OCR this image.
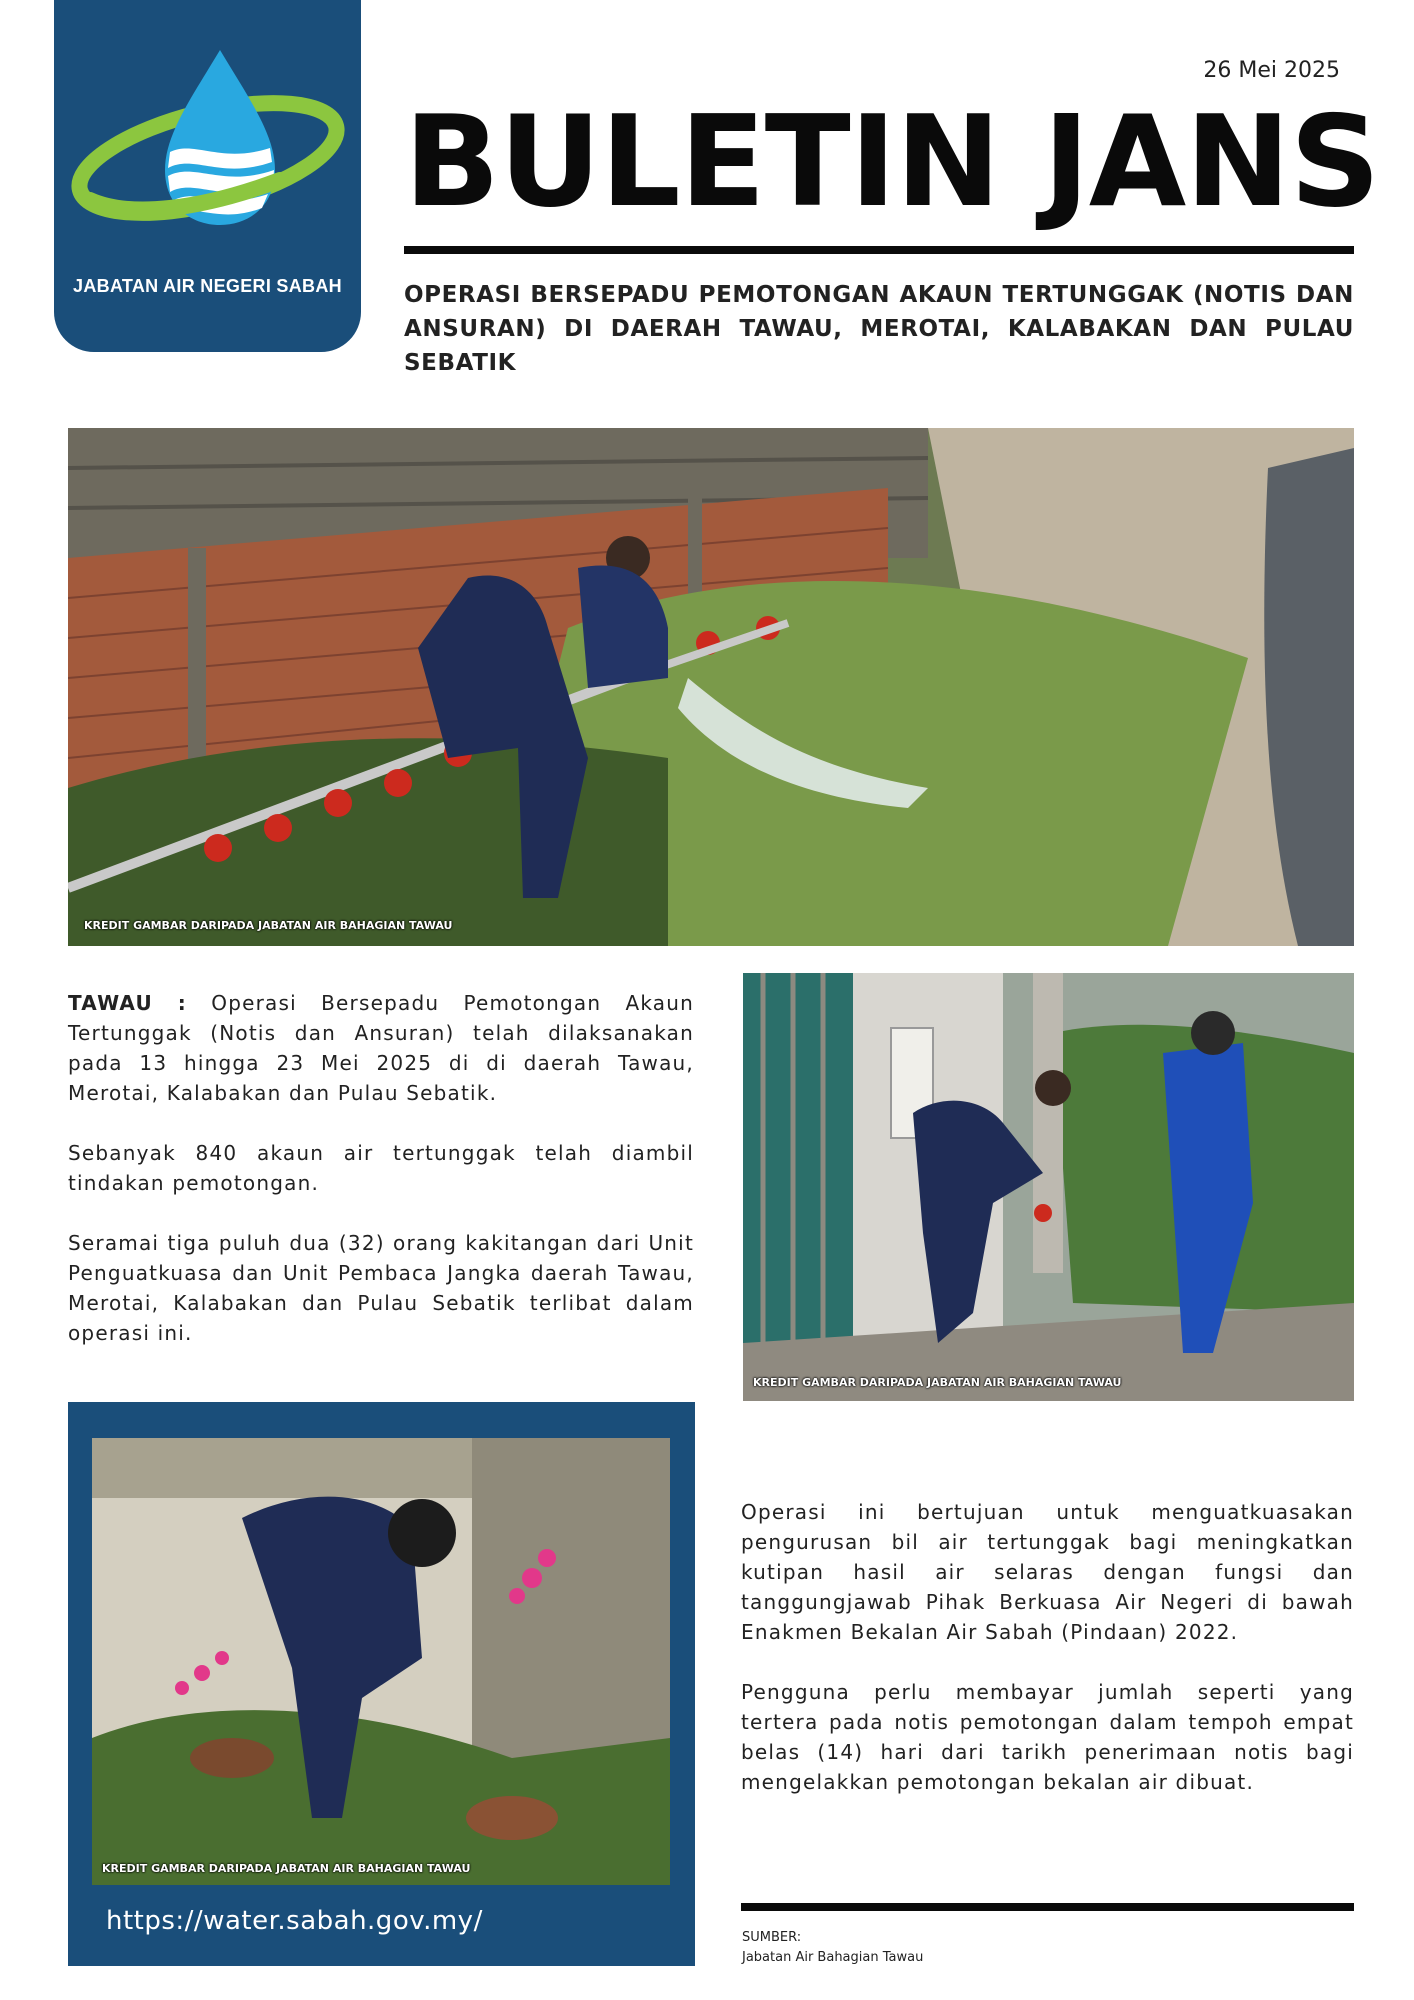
JABATAN AIR NEGERI SABAH
26 Mei 2025
BULETIN JANS
OPERASI BERSEPADU PEMOTONGAN AKAUN TERTUNGGAK (NOTIS DAN ANSURAN) DI DAERAH TAWAU, MEROTAI, KALABAKAN DAN PULAU SEBATIK
KREDIT GAMBAR DARIPADA JABATAN AIR BAHAGIAN TAWAU

TAWAU : Operasi Bersepadu Pemotongan Akaun Tertunggak (Notis dan Ansuran) telah dilaksanakan pada 13 hingga 23 Mei 2025 di di daerah Tawau, Merotai, Kalabakan dan Pulau Sebatik.

Sebanyak 840 akaun air tertunggak telah diambil tindakan pemotongan.

Seramai tiga puluh dua (32) orang kakitangan dari Unit Penguatkuasa dan Unit Pembaca Jangka daerah Tawau, Merotai, Kalabakan dan Pulau Sebatik terlibat dalam operasi ini.

KREDIT GAMBAR DARIPADA JABATAN AIR BAHAGIAN TAWAU
KREDIT GAMBAR DARIPADA JABATAN AIR BAHAGIAN TAWAU
https://water.sabah.gov.my/

Operasi ini bertujuan untuk menguatkuasakan pengurusan bil air tertunggak bagi meningkatkan kutipan hasil air selaras dengan fungsi dan tanggungjawab Pihak Berkuasa Air Negeri di bawah Enakmen Bekalan Air Sabah (Pindaan) 2022.

Pengguna perlu membayar jumlah seperti yang tertera pada notis pemotongan dalam tempoh empat belas (14) hari dari tarikh penerimaan notis bagi mengelakkan pemotongan bekalan air dibuat.

SUMBER:
Jabatan Air Bahagian Tawau
